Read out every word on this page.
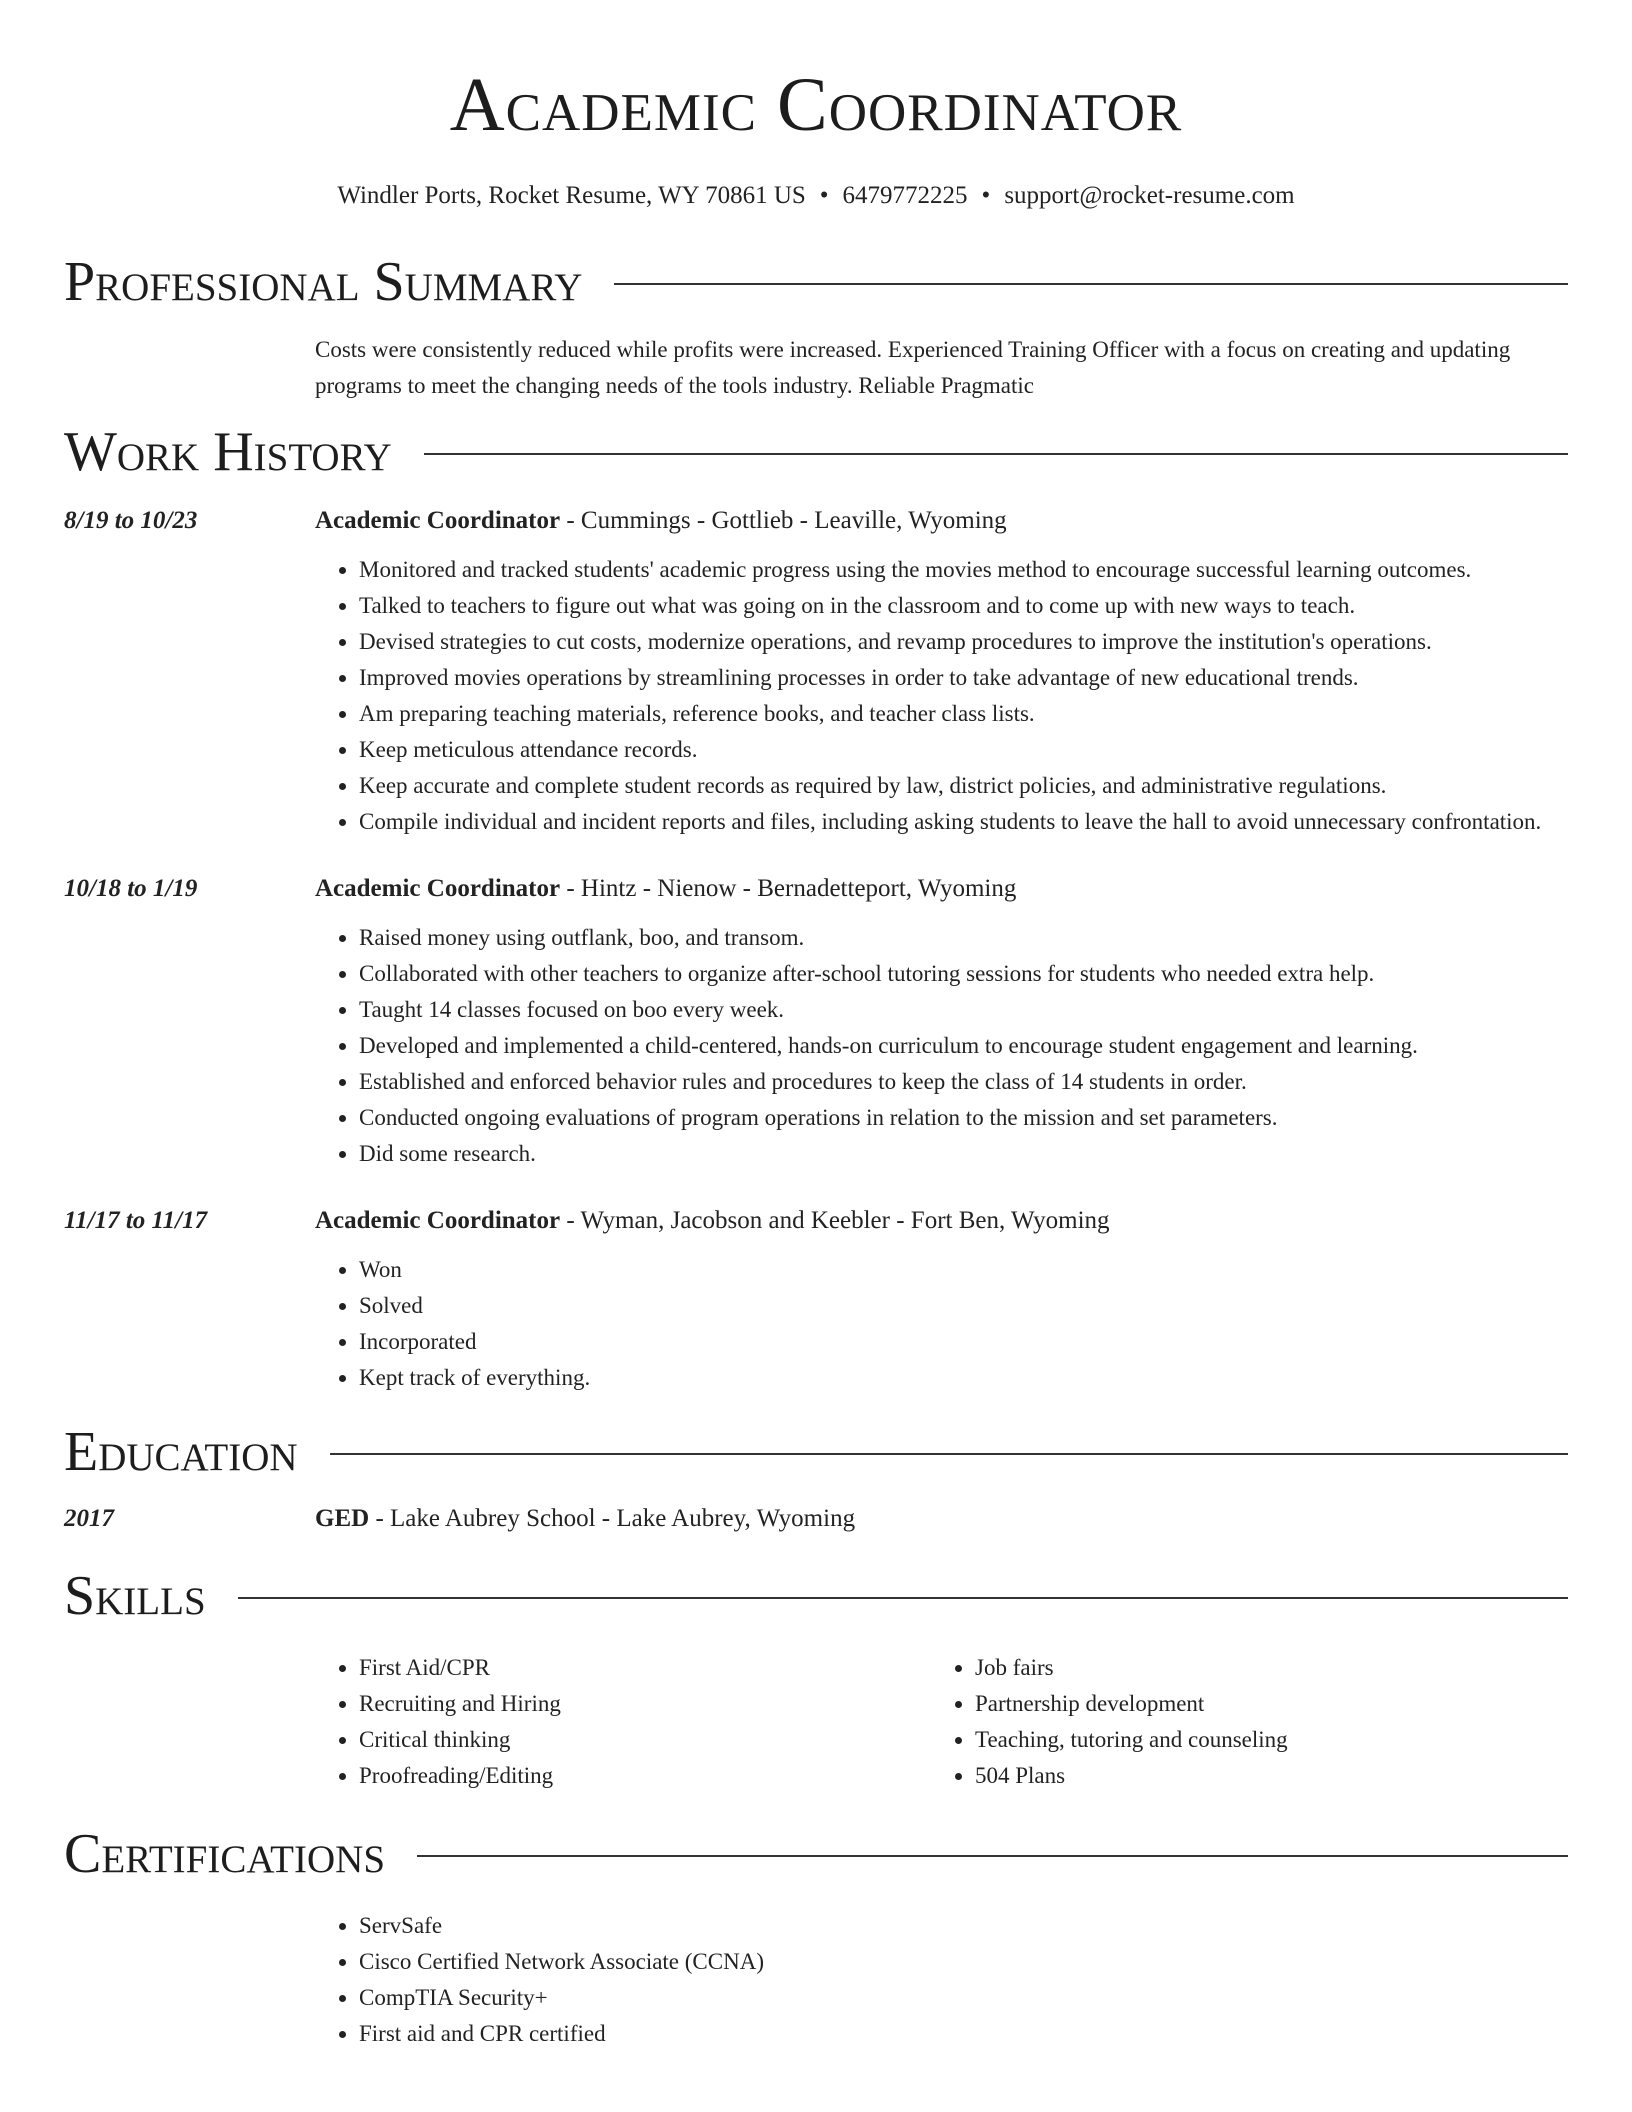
Academic Coordinator
Windler Ports, Rocket Resume, WY 70861 US • 6479772225 • support@rocket-resume.com
Professional Summary
Costs were consistently reduced while profits were increased. Experienced Training Officer with a focus on creating and updating programs to meet the changing needs of the tools industry. Reliable Pragmatic
Work History
8/19 to 10/23	Academic Coordinator - Cummings - Gottlieb - Leaville, Wyoming
• Monitored and tracked students' academic progress using the movies method to encourage successful learning outcomes.
• Talked to teachers to figure out what was going on in the classroom and to come up with new ways to teach.
• Devised strategies to cut costs, modernize operations, and revamp procedures to improve the institution's operations.
• Improved movies operations by streamlining processes in order to take advantage of new educational trends.
• Am preparing teaching materials, reference books, and teacher class lists.
• Keep meticulous attendance records.
• Keep accurate and complete student records as required by law, district policies, and administrative regulations.
• Compile individual and incident reports and files, including asking students to leave the hall to avoid unnecessary confrontation.
10/18 to 1/19	Academic Coordinator - Hintz - Nienow - Bernadetteport, Wyoming
• Raised money using outflank, boo, and transom.
• Collaborated with other teachers to organize after-school tutoring sessions for students who needed extra help.
• Taught 14 classes focused on boo every week.
• Developed and implemented a child-centered, hands-on curriculum to encourage student engagement and learning.
• Established and enforced behavior rules and procedures to keep the class of 14 students in order.
• Conducted ongoing evaluations of program operations in relation to the mission and set parameters.
• Did some research.
11/17 to 11/17	Academic Coordinator - Wyman, Jacobson and Keebler - Fort Ben, Wyoming
• Won
• Solved
• Incorporated
• Kept track of everything.
Education
2017	GED - Lake Aubrey School - Lake Aubrey, Wyoming
Skills
• First Aid/CPR
• Recruiting and Hiring
• Critical thinking
• Proofreading/Editing
• Job fairs
• Partnership development
• Teaching, tutoring and counseling
• 504 Plans
Certifications
• ServSafe
• Cisco Certified Network Associate (CCNA)
• CompTIA Security+
• First aid and CPR certified
